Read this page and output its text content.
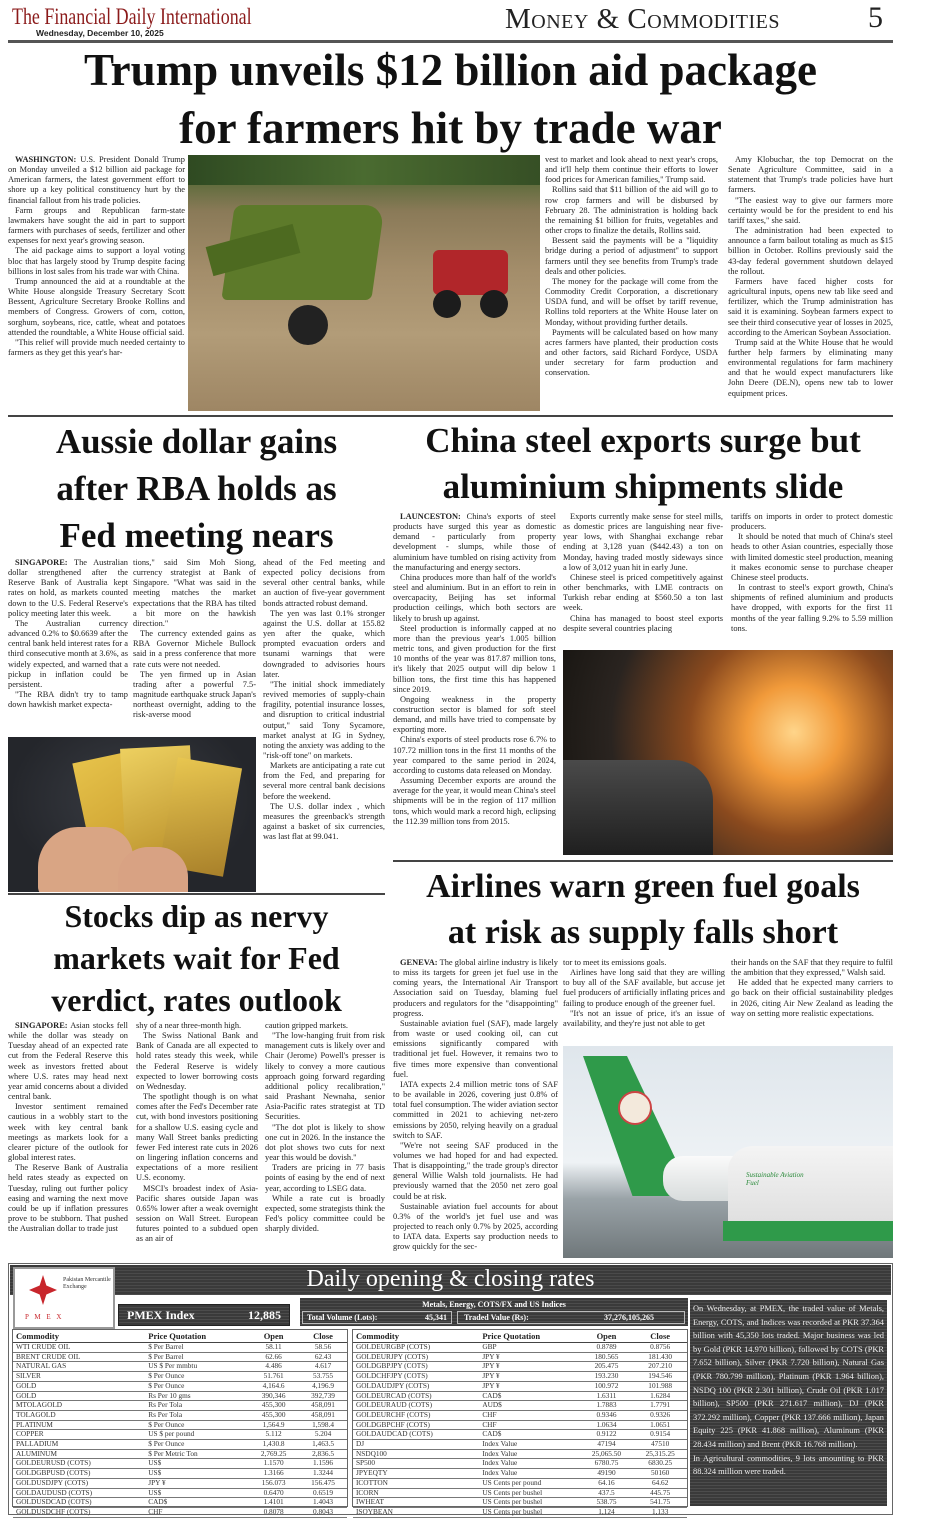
The Financial Daily International
Wednesday, December 10, 2025	Money & Commodities	5
Trump unveils $12 billion aid package
for farmers hit by trade war

WASHINGTON: U.S. President Donald Trump on Monday unveiled a $12 billion aid package for American farmers, the latest government effort to shore up a key political constituency hurt by the financial fallout from his trade policies.

Farm groups and Republican farm-state lawmakers have sought the aid in part to support farmers with purchases of seeds, fertilizer and other expenses for next year's growing season.

The aid package aims to support a loyal voting bloc that has largely stood by Trump despite facing billions in lost sales from his trade war with China.

Trump announced the aid at a roundtable at the White House alongside Treasury Secretary Scott Bessent, Agriculture Secretary Brooke Rollins and members of Congress. Growers of corn, cotton, sorghum, soybeans, rice, cattle, wheat and potatoes attended the roundtable, a White House official said.

"This relief will provide much needed certainty to farmers as they get this year's har-

vest to market and look ahead to next year's crops, and it'll help them continue their efforts to lower food prices for American families," Trump said.

Rollins said that $11 billion of the aid will go to row crop farmers and will be disbursed by February 28. The administration is holding back the remaining $1 billion for fruits, vegetables and other crops to finalize the details, Rollins said.

Bessent said the payments will be a "liquidity bridge during a period of adjustment" to support farmers until they see benefits from Trump's trade deals and other policies.

The money for the package will come from the Commodity Credit Corporation, a discretionary USDA fund, and will be offset by tariff revenue, Rollins told reporters at the White House later on Monday, without providing further details.

Payments will be calculated based on how many acres farmers have planted, their production costs and other factors, said Richard Fordyce, USDA under secretary for farm production and conservation.

Amy Klobuchar, the top Democrat on the Senate Agriculture Committee, said in a statement that Trump's trade policies have hurt farmers.

"The easiest way to give our farmers more certainty would be for the president to end his tariff taxes," she said.

The administration had been expected to announce a farm bailout totaling as much as $15 billion in October. Rollins previously said the 43-day federal government shutdown delayed the rollout.

Farmers have faced higher costs for agricultural inputs, opens new tab like seed and fertilizer, which the Trump administration has said it is examining. Soybean farmers expect to see their third consecutive year of losses in 2025, according to the American Soybean Association.

Trump said at the White House that he would further help farmers by eliminating many environmental regulations for farm machinery and that he would expect manufacturers like John Deere (DE.N), opens new tab to lower equipment prices.

Aussie dollar gains
after RBA holds as
Fed meeting nears

SINGAPORE: The Australian dollar strengthened after the Reserve Bank of Australia kept rates on hold, as markets counted down to the U.S. Federal Reserve's policy meeting later this week.

The Australian currency advanced 0.2% to $0.6639 after the central bank held interest rates for a third consecutive month at 3.6%, as widely expected, and warned that a pickup in inflation could be persistent.

"The RBA didn't try to tamp down hawkish market expecta-

tions," said Sim Moh Siong, currency strategist at Bank of Singapore. "What was said in the meeting matches the market expectations that the RBA has tilted a bit more on the hawkish direction."

The currency extended gains as RBA Governor Michele Bullock said in a press conference that more rate cuts were not needed.

The yen firmed up in Asian trading after a powerful 7.5-magnitude earthquake struck Japan's northeast overnight, adding to the risk-averse mood

ahead of the Fed meeting and expected policy decisions from several other central banks, while an auction of five-year government bonds attracted robust demand.

The yen was last 0.1% stronger against the U.S. dollar at 155.82 yen after the quake, which prompted evacuation orders and tsunami warnings that were downgraded to advisories hours later.

"The initial shock immediately revived memories of supply-chain fragility, potential insurance losses, and disruption to critical industrial output," said Tony Sycamore, market analyst at IG in Sydney, noting the anxiety was adding to the "risk-off tone" on markets.

Markets are anticipating a rate cut from the Fed, and preparing for several more central bank decisions before the weekend.

The U.S. dollar index , which measures the greenback's strength against a basket of six currencies, was last flat at 99.041.

China steel exports surge but
aluminium shipments slide

LAUNCESTON: China's exports of steel products have surged this year as domestic demand - particularly from property development - slumps, while those of aluminium have tumbled on rising activity from the manufacturing and energy sectors.

China produces more than half of the world's steel and aluminium. But in an effort to rein in overcapacity, Beijing has set informal production ceilings, which both sectors are likely to brush up against.

Steel production is informally capped at no more than the previous year's 1.005 billion metric tons, and given production for the first 10 months of the year was 817.87 million tons, it's likely that 2025 output will dip below 1 billion tons, the first time this has happened since 2019.

Ongoing weakness in the property construction sector is blamed for soft steel demand, and mills have tried to compensate by exporting more.

China's exports of steel products rose 6.7% to 107.72 million tons in the first 11 months of the year compared to the same period in 2024, according to customs data released on Monday.

Assuming December exports are around the average for the year, it would mean China's steel shipments will be in the region of 117 million tons, which would mark a record high, eclipsing the 112.39 million tons from 2015.

Exports currently make sense for steel mills, as domestic prices are languishing near five-year lows, with Shanghai exchange rebar ending at 3,128 yuan ($442.43) a ton on Monday, having traded mostly sideways since a low of 3,012 yuan hit in early June.

Chinese steel is priced competitively against other benchmarks, with LME contracts on Turkish rebar ending at $560.50 a ton last week.

China has managed to boost steel exports despite several countries placing

tariffs on imports in order to protect domestic producers.

It should be noted that much of China's steel heads to other Asian countries, especially those with limited domestic steel production, meaning it makes economic sense to purchase cheaper Chinese steel products.

In contrast to steel's export growth, China's shipments of refined aluminium and products have dropped, with exports for the first 11 months of the year falling 9.2% to 5.59 million tons.

Airlines warn green fuel goals
at risk as supply falls short

GENEVA: The global airline industry is likely to miss its targets for green jet fuel use in the coming years, the International Air Transport Association said on Tuesday, blaming fuel producers and regulators for the "disappointing" progress.

Sustainable aviation fuel (SAF), made largely from waste or used cooking oil, can cut emissions significantly compared with traditional jet fuel. However, it remains two to five times more expensive than conventional fuel.

IATA expects 2.4 million metric tons of SAF to be available in 2026, covering just 0.8% of total fuel consumption. The wider aviation sector committed in 2021 to achieving net-zero emissions by 2050, relying heavily on a gradual switch to SAF.

"We're not seeing SAF produced in the volumes we had hoped for and had expected. That is disappointing," the trade group's director general Willie Walsh told journalists. He had previously warned that the 2050 net zero goal could be at risk.

Sustainable aviation fuel accounts for about 0.3% of the world's jet fuel use and was projected to reach only 0.7% by 2025, according to IATA data. Experts say production needs to grow quickly for the sec-

tor to meet its emissions goals.

Airlines have long said that they are willing to buy all of the SAF available, but accuse jet fuel producers of artificially inflating prices and failing to produce enough of the greener fuel.

"It's not an issue of price, it's an issue of availability, and they're just not able to get

their hands on the SAF that they require to fulfil the ambition that they expressed," Walsh said.

He added that he expected many carriers to go back on their official sustainability pledges in 2026, citing Air New Zealand as leading the way on setting more realistic expectations.

Sustainable Aviation Fuel
Stocks dip as nervy
markets wait for Fed
verdict, rates outlook

SINGAPORE: Asian stocks fell while the dollar was steady on Tuesday ahead of an expected rate cut from the Federal Reserve this week as investors fretted about where U.S. rates may head next year amid concerns about a divided central bank.

Investor sentiment remained cautious in a wobbly start to the week with key central bank meetings as markets look for a clearer picture of the outlook for global interest rates.

The Reserve Bank of Australia held rates steady as expected on Tuesday, ruling out further policy easing and warning the next move could be up if inflation pressures prove to be stubborn. That pushed the Australian dollar to trade just

shy of a near three-month high.

The Swiss National Bank and Bank of Canada are all expected to hold rates steady this week, while the Federal Reserve is widely expected to lower borrowing costs on Wednesday.

The spotlight though is on what comes after the Fed's December rate cut, with bond investors positioning for a shallow U.S. easing cycle and many Wall Street banks predicting fewer Fed interest rate cuts in 2026 on lingering inflation concerns and expectations of a more resilient U.S. economy.

MSCI's broadest index of Asia-Pacific shares outside Japan was 0.65% lower after a weak overnight session on Wall Street. European futures pointed to a subdued open as an air of

caution gripped markets.

"The low-hanging fruit from risk management cuts is likely over and Chair (Jerome) Powell's presser is likely to convey a more cautious approach going forward regarding additional policy recalibration," said Prashant Newnaha, senior Asia-Pacific rates strategist at TD Securities.

"The dot plot is likely to show one cut in 2026. In the instance the dot plot shows two cuts for next year this would be dovish."

Traders are pricing in 77 basis points of easing by the end of next year, according to LSEG data.

While a rate cut is broadly expected, some strategists think the Fed's policy committee could be sharply divided.

Daily opening & closing rates
Pakistan Mercantile Exchange
P M E X	PMEX Index	12,885
Metals, Energy, COTS/FX and US Indices
Total Volume (Lots):	45,341 Traded Value (Rs):	37,276,105,265
Commodity	Price Quotation	Open	Close
WTI CRUDE OIL	$ Per Barrel	58.11	58.56
BRENT CRUDE OIL	$ Per Barrel	62.66	62.43
NATURAL GAS	US $ Per mmbtu	4.486	4.617
SILVER	$ Per Ounce	51.761	53.755
GOLD	$ Per Ounce	4,164.6	4,196.9
GOLD	Rs Per 10 gms	390,346	392,739
MTOLAGOLD	Rs Per Tola	455,300	458,091
TOLAGOLD	Rs Per Tola	455,300	458,091
PLATINUM	$ Per Ounce	1,564.9	1,598.4
COPPER	US $ per pound	5.112	5.204
PALLADIUM	$ Per Ounce	1,430.8	1,463.5
ALUMINUM	$ Per Metric Ton	2,769.25	2,836.5
GOLDEURUSD (COTS)	US$	1.1570	1.1596
GOLDGBPUSD (COTS)	US$	1.3166	1.3244
GOLDUSDJPY (COTS)	JPY ¥	156.073	156.475
GOLDAUDUSD (COTS)	US$	0.6470	0.6519
GOLDUSDCAD (COTS)	CAD$	1.4101	1.4043
GOLDUSDCHF (COTS)	CHF	0.8078	0.8043
Commodity	Price Quotation	Open	Close
GOLDEURGBP (COTS)	GBP	0.8789	0.8756
GOLDEURJPY (COTS)	JPY ¥	180.565	181.430
GOLDGBPJPY (COTS)	JPY ¥	205.475	207.210
GOLDCHFJPY (COTS)	JPY ¥	193.230	194.546
GOLDAUDJPY (COTS)	JPY ¥	100.972	101.988
GOLDEURCAD (COTS)	CAD$	1.6311	1.6284
GOLDEURAUD (COTS)	AUD$	1.7883	1.7791
GOLDEURCHF (COTS)	CHF	0.9346	0.9326
GOLDGBPCHF (COTS)	CHF	1.0634	1.0651
GOLDAUDCAD (COTS)	CAD$	0.9122	0.9154
DJ	Index Value	47194	47510
NSDQ100	Index Value	25,065.50	25,315.25
SP500	Index Value	6780.75	6830.25
JPYEQTY	Index Value	49190	50160
ICOTTON	US Cents per pound	64.16	64.62
ICORN	US Cents per bushel	437.5	445.75
IWHEAT	US Cents per bushel	538.75	541.75
ISOYBEAN	US Cents per bushel	1,124	1,133

On Wednesday, at PMEX, the traded value of Metals, Energy, COTS, and Indices was recorded at PKR 37.364 billion with 45,350 lots traded. Major business was led by Gold (PKR 14.970 billion), followed by COTS (PKR 7.652 billion), Silver (PKR 7.720 billion), Natural Gas (PKR 780.799 million), Platinum (PKR 1.964 billion), NSDQ 100 (PKR 2.301 billion), Crude Oil (PKR 1.017 billion), SP500 (PKR 271.617 million), DJ (PKR 372.292 million), Copper (PKR 137.666 million), Japan Equity 225 (PKR 41.868 million), Aluminum (PKR 28.434 million) and Brent (PKR 16.768 million).

In Agricultural commodities, 9 lots amounting to PKR 88.324 million were traded.
